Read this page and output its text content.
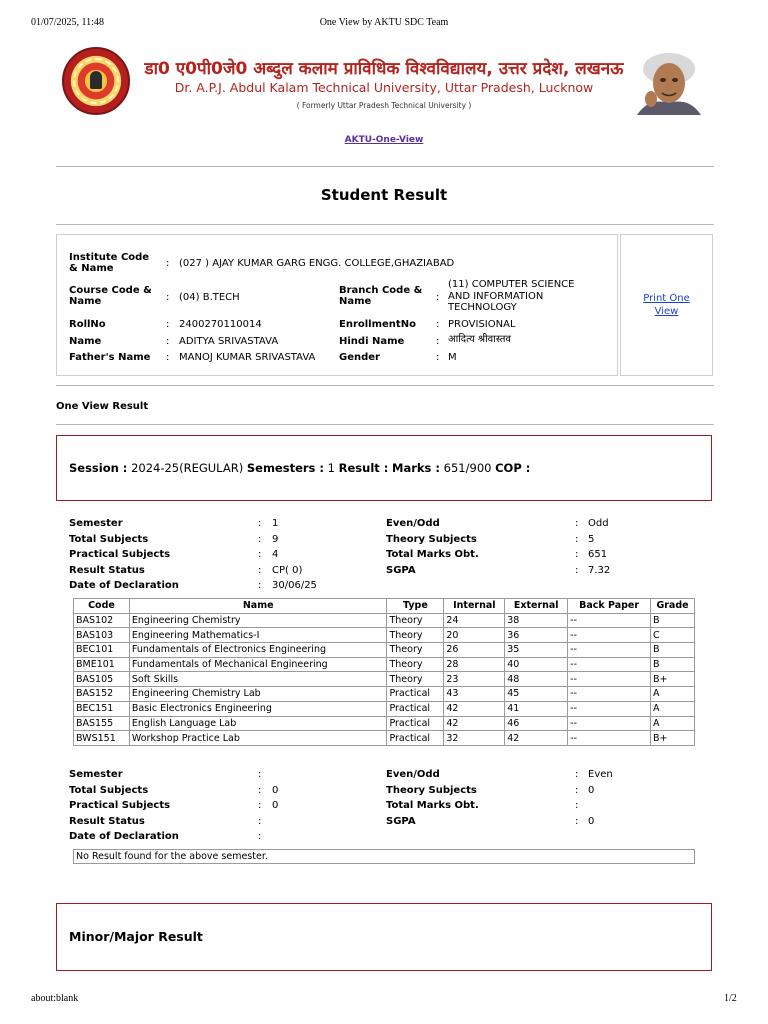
01/07/2025, 11:48	One View by AKTU SDC Team
डा0 ए0पी0जे0 अब्दुल कलाम प्राविधिक विश्वविद्यालय, उत्तर प्रदेश, लखनऊ
Dr. A.P.J. Abdul Kalam Technical University, Uttar Pradesh, Lucknow
( Formerly Uttar Pradesh Technical University )
AKTU-One-View
Student Result
Institute Code & Name	: (027 ) AJAY KUMAR GARG ENGG. COLLEGE,GHAZIABAD
Course Code & Name	: (04) B.TECH
Branch Code & Name	:
(11) COMPUTER SCIENCE AND INFORMATION TECHNOLOGY
RollNo	: 2400270110014	EnrollmentNo : PROVISIONAL
Name	: ADITYA SRIVASTAVA	Hindi Name	: आदित्य श्रीवास्तव
Father's Name : MANOJ KUMAR SRIVASTAVA Gender	: M
Print One View
One View Result
Session : 2024-25(REGULAR) Semesters : 1 Result : Marks : 651/900 COP :
Semester	: 1
Total Subjects	: 9
Practical Subjects	: 4
Result Status	: CP( 0)
Date of Declaration	: 30/06/25
Even/Odd	: Odd
Theory Subjects	: 5
Total Marks Obt.	: 651
SGPA	: 7.32
Code	Name	Type	Internal	External	Back Paper	Grade
BAS102	Engineering Chemistry	Theory	24	38	--	B
BAS103	Engineering Mathematics-I	Theory	20	36	--	C
BEC101	Fundamentals of Electronics Engineering	Theory	26	35	--	B
BME101	Fundamentals of Mechanical Engineering	Theory	28	40	--	B
BAS105	Soft Skills	Theory	23	48	--	B+
BAS152	Engineering Chemistry Lab	Practical	43	45	--	A
BEC151	Basic Electronics Engineering	Practical	42	41	--	A
BAS155	English Language Lab	Practical	42	46	--	A
BWS151	Workshop Practice Lab	Practical	32	42	--	B+
Semester	:
Total Subjects	: 0
Practical Subjects	: 0
Result Status	:
Date of Declaration	:
Even/Odd	: Even
Theory Subjects	: 0
Total Marks Obt.	:
SGPA	: 0
No Result found for the above semester.
Minor/Major Result
about:blank	1/2
